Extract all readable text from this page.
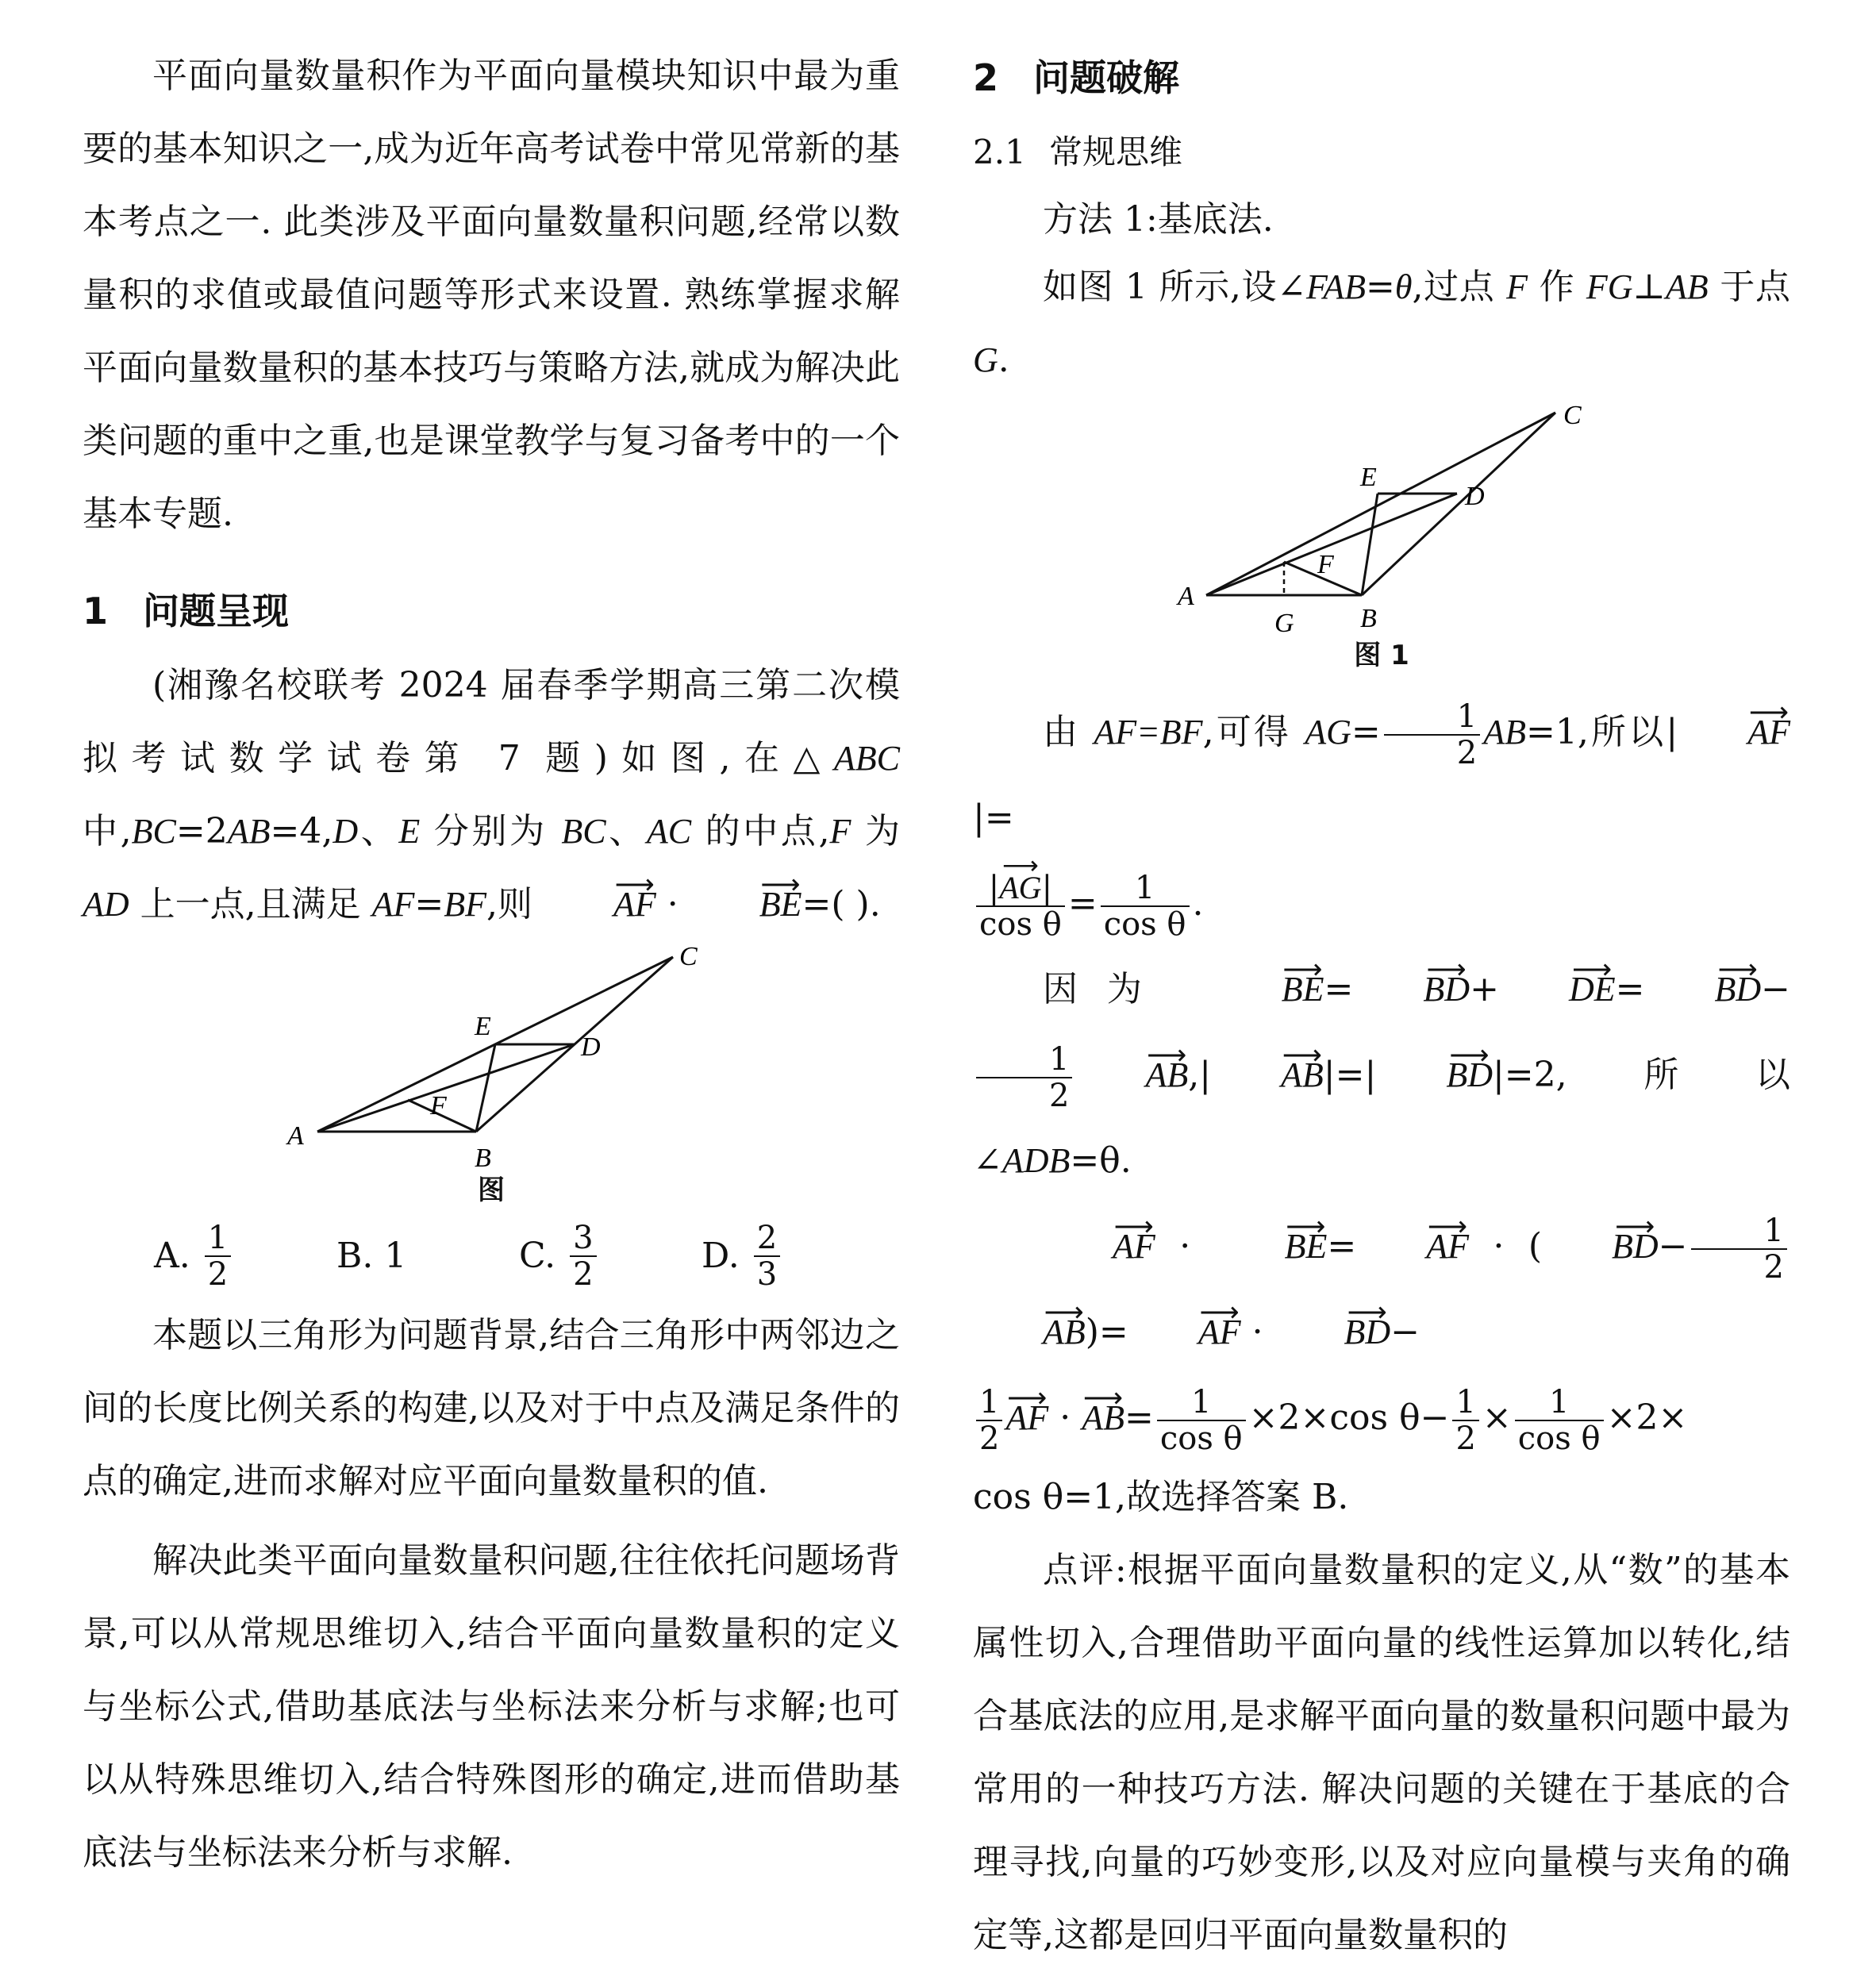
平面向量数量积作为平面向量模块知识中最为重要的基本知识之一,成为近年高考试卷中常见常新的基本考点之一. 此类涉及平面向量数量积问题,经常以数量积的求值或最值问题等形式来设置. 熟练掌握求解平面向量数量积的基本技巧与策略方法,就成为解决此类问题的重中之重,也是课堂教学与复习备考中的一个基本专题.

1 问题呈现

(湘豫名校联考 2024 届春季学期高三第二次模拟考试数学试卷第 7 题)如图,在△ABC 中,BC=2AB=4,D、E 分别为 BC、AC 的中点,F 为 AD 上一点,且满足 AF=BF,则 ⟶ AF · ⟶ BE=( ).

A
B
C
D
E
F
图
A.
$\frac{1}{2}$	B.
1	C.
$\frac{3}{2}$	D.
$\frac{2}{3}$

本题以三角形为问题背景,结合三角形中两邻边之间的长度比例关系的构建,以及对于中点及满足条件的点的确定,进而求解对应平面向量数量积的值.

解决此类平面向量数量积问题,往往依托问题场背景,可以从常规思维切入,结合平面向量数量积的定义与坐标公式,借助基底法与坐标法来分析与求解;也可以从特殊思维切入,结合特殊图形的确定,进而借助基底法与坐标法来分析与求解.

2 问题破解
2.1 常规思维

方法 1:基底法.

如图 1 所示,设∠FAB=θ,过点 F 作 FG⊥AB 于点 G.

A
B
C
D
E
F
G
图 1

由 AF=BF,可得 $AG= \frac{1}{2} AB=1$,所以| ⟶ AF|=

$\frac{|⟶ AG|}{\text{cos θ}} = \frac{1}{\text{cos θ}}$ .

因为 ⟶ BE= ⟶ BD+ ⟶ DE= ⟶ BD−
$\frac{1}{2}$ ⟶ AB,| ⟶ AB|=| ⟶ BD|=2,所以∠ADB=θ.

⟶ AF · ⟶ BE= ⟶ AF · ( ⟶ $BD- \frac{1}{2}$
⟶ AB)= ⟶ AF · ⟶ BD−

$\frac{1}{2}$ ⟶ AF · ⟶ $AB= \frac{1}{\text{cos θ}} \times 2\times\cos$ $\theta- \frac{1}{2} \times \frac{1}{\text{cos θ}} \times 2\times$

cos θ=1,故选择答案 B.

点评:根据平面向量数量积的定义,从“数”的基本属性切入,合理借助平面向量的线性运算加以转化,结合基底法的应用,是求解平面向量的数量积问题中最为常用的一种技巧方法. 解决问题的关键在于基底的合理寻找,向量的巧妙变形,以及对应向量模与夹角的确定等,这都是回归平面向量数量积的
